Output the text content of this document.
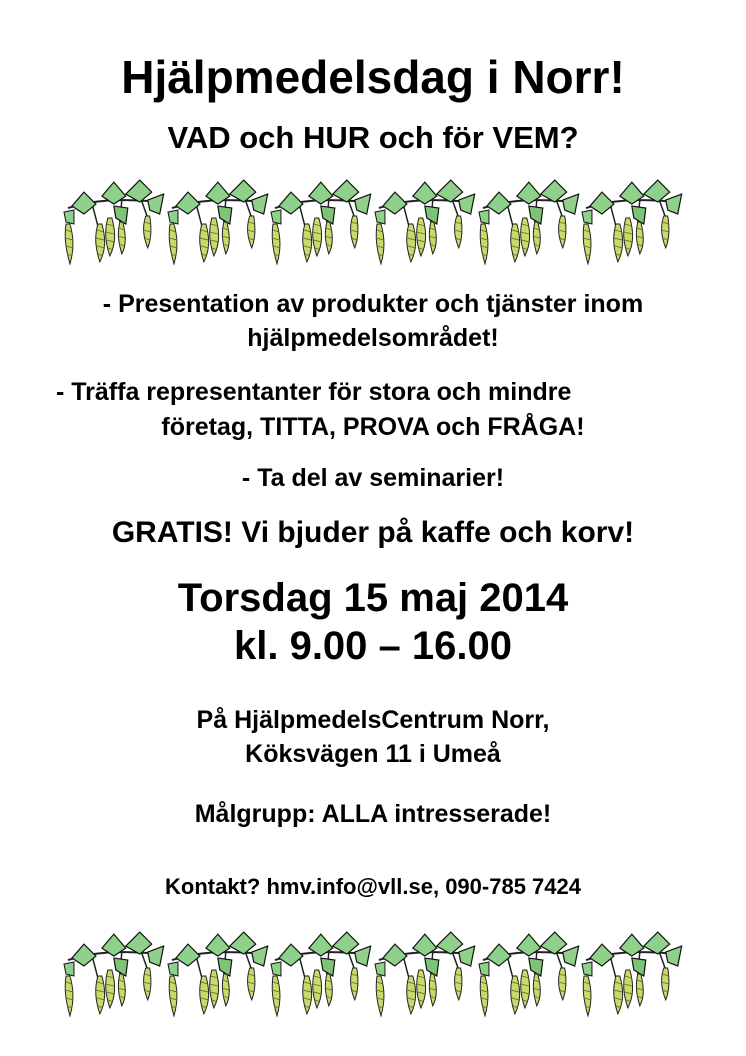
Hjälpmedelsdag i Norr!
VAD och HUR och för VEM?
- Presentation av produkter och tjänster inom
hjälpmedelsområdet!
- Träffa representanter för stora och mindre
företag, TITTA, PROVA och FRÅGA!
- Ta del av seminarier!
GRATIS! Vi bjuder på kaffe och korv!
Torsdag 15 maj 2014
kl. 9.00 – 16.00
På HjälpmedelsCentrum Norr,
Köksvägen 11 i Umeå
Målgrupp: ALLA intresserade!
Kontakt? hmv.info@vll.se, 090-785 7424
